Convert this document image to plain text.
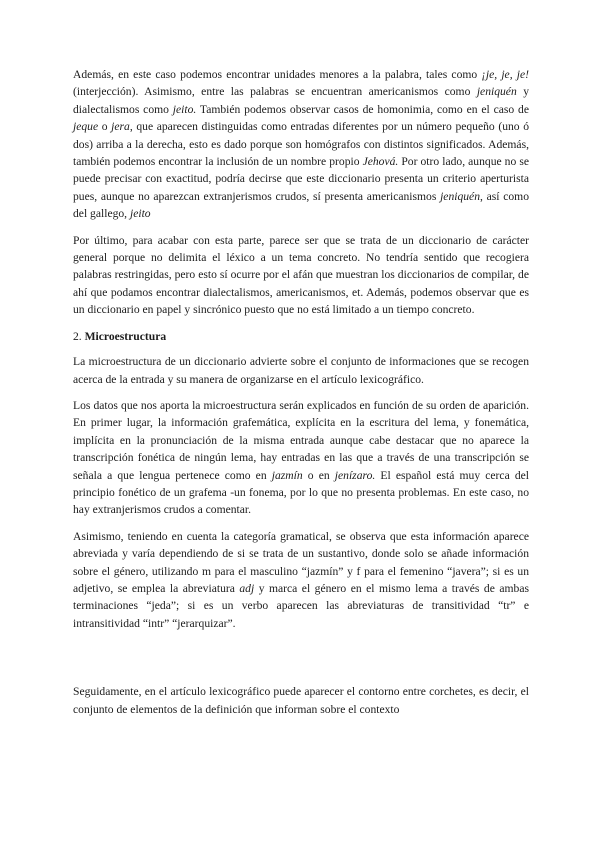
Además, en este caso podemos encontrar unidades menores a la palabra, tales como ¡je, je, je! (interjección). Asimismo, entre las palabras se encuentran americanismos como jeniquén y dialectalismos como jeito. También podemos observar casos de homonimia, como en el caso de jeque o jera, que aparecen distinguidas como entradas diferentes por un número pequeño (uno ó dos) arriba a la derecha, esto es dado porque son homógrafos con distintos significados. Además, también podemos encontrar la inclusión de un nombre propio Jehová. Por otro lado, aunque no se puede precisar con exactitud, podría decirse que este diccionario presenta un criterio aperturista pues, aunque no aparezcan extranjerismos crudos, sí presenta americanismos jeniquén, así como del gallego, jeito

Por último, para acabar con esta parte, parece ser que se trata de un diccionario de carácter general porque no delimita el léxico a un tema concreto. No tendría sentido que recogiera palabras restringidas, pero esto sí ocurre por el afán que muestran los diccionarios de compilar, de ahí que podamos encontrar dialectalismos, americanismos, et. Además, podemos observar que es un diccionario en papel y sincrónico puesto que no está limitado a un tiempo concreto.

2. Microestructura

La microestructura de un diccionario advierte sobre el conjunto de informaciones que se recogen acerca de la entrada y su manera de organizarse en el artículo lexicográfico.

Los datos que nos aporta la microestructura serán explicados en función de su orden de aparición. En primer lugar, la información grafemática, explícita en la escritura del lema, y fonemática, implícita en la pronunciación de la misma entrada aunque cabe destacar que no aparece la transcripción fonética de ningún lema, hay entradas en las que a través de una transcripción se señala a que lengua pertenece como en jazmín o en jenízaro. El español está muy cerca del principio fonético de un grafema -un fonema, por lo que no presenta problemas. En este caso, no hay extranjerismos crudos a comentar.

Asimismo, teniendo en cuenta la categoría gramatical, se observa que esta información aparece abreviada y varía dependiendo de si se trata de un sustantivo, donde solo se añade información sobre el género, utilizando m para el masculino “jazmín” y f para el femenino “javera”; si es un adjetivo, se emplea la abreviatura adj y marca el género en el mismo lema a través de ambas terminaciones “jeda”; si es un verbo aparecen las abreviaturas de transitividad “tr” e intransitividad “intr” “jerarquizar”.

Seguidamente, en el artículo lexicográfico puede aparecer el contorno entre corchetes, es decir, el conjunto de elementos de la definición que informan sobre el contexto
